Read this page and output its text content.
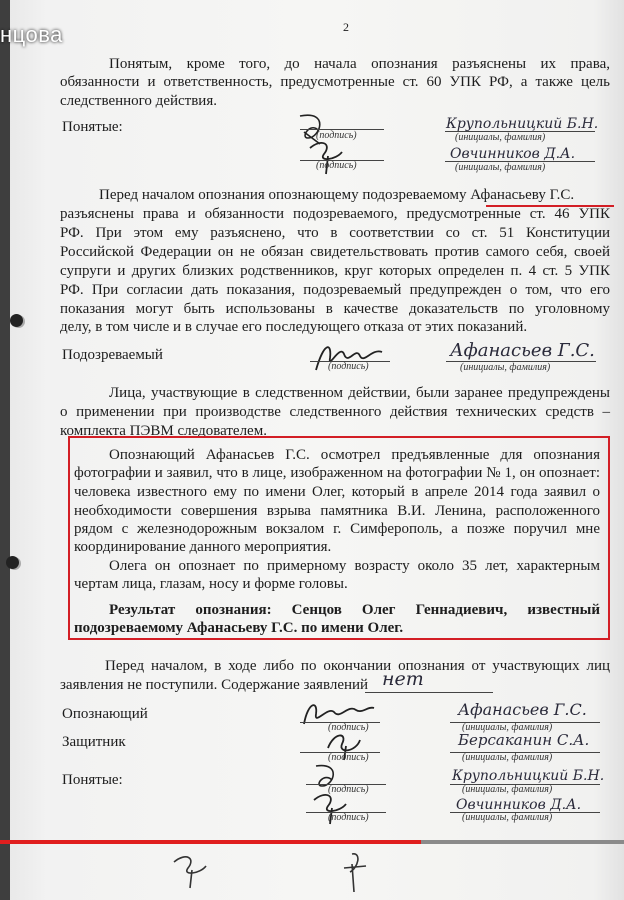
2
Понятым, кроме того, до начала опознания разъяснены их права,
обязанности и ответственность, предусмотренные ст. 60 УПК РФ, а также цель
следственного действия.
Понятые:
(подпись)
(подпись)
Крупольницкий Б.Н.
(инициалы, фамилия)
Овчинников Д.А.
(инициалы, фамилия)
Перед началом опознания опознающему подозреваемому Афанасьеву Г.С.
разъяснены права и обязанности подозреваемого, предусмотренные ст. 46 УПК
РФ. При этом ему разъяснено, что в соответствии со ст. 51 Конституции
Российской Федерации он не обязан свидетельствовать против самого себя, своей
супруги и других близких родственников, круг которых определен п. 4 ст. 5 УПК
РФ. При согласии дать показания, подозреваемый предупрежден о том, что его
показания могут быть использованы в качестве доказательств по уголовному
делу, в том числе и в случае его последующего отказа от этих показаний.
Подозреваемый
(подпись)
Афанасьев Г.С.
(инициалы, фамилия)
Лица, участвующие в следственном действии, были заранее предупреждены
о применении при производстве следственного действия технических средств –
комплекта ПЭВМ следователем.
Опознающий Афанасьев Г.С. осмотрел предъявленные для опознания
фотографии и заявил, что в лице, изображенном на фотографии № 1, он опознает:
человека известного ему по имени Олег, который в апреле 2014 года заявил о
необходимости совершения взрыва памятника В.И. Ленина, расположенного
рядом с железнодорожным вокзалом г. Симферополь, а позже поручил мне
координирование данного мероприятия.
Олега он опознает по примерному возрасту около 35 лет, характерным
чертам лица, глазам, носу и форме головы.
Результат опознания: Сенцов Олег Геннадиевич, известный
подозреваемому Афанасьеву Г.С. по имени Олег.
Перед началом, в ходе либо по окончании опознания от участвующих лиц
заявления не поступили. Содержание заявлений нет
Опознающий
(подпись)
Афанасьев Г.С.
(инициалы, фамилия)
Защитник
(подпись)
Берсаканин С.А.
(инициалы, фамилия)
Понятые:
(подпись)
(подпись)
Крупольницкий Б.Н.
(инициалы, фамилия)
Овчинников Д.А.
(инициалы, фамилия)
нцова
